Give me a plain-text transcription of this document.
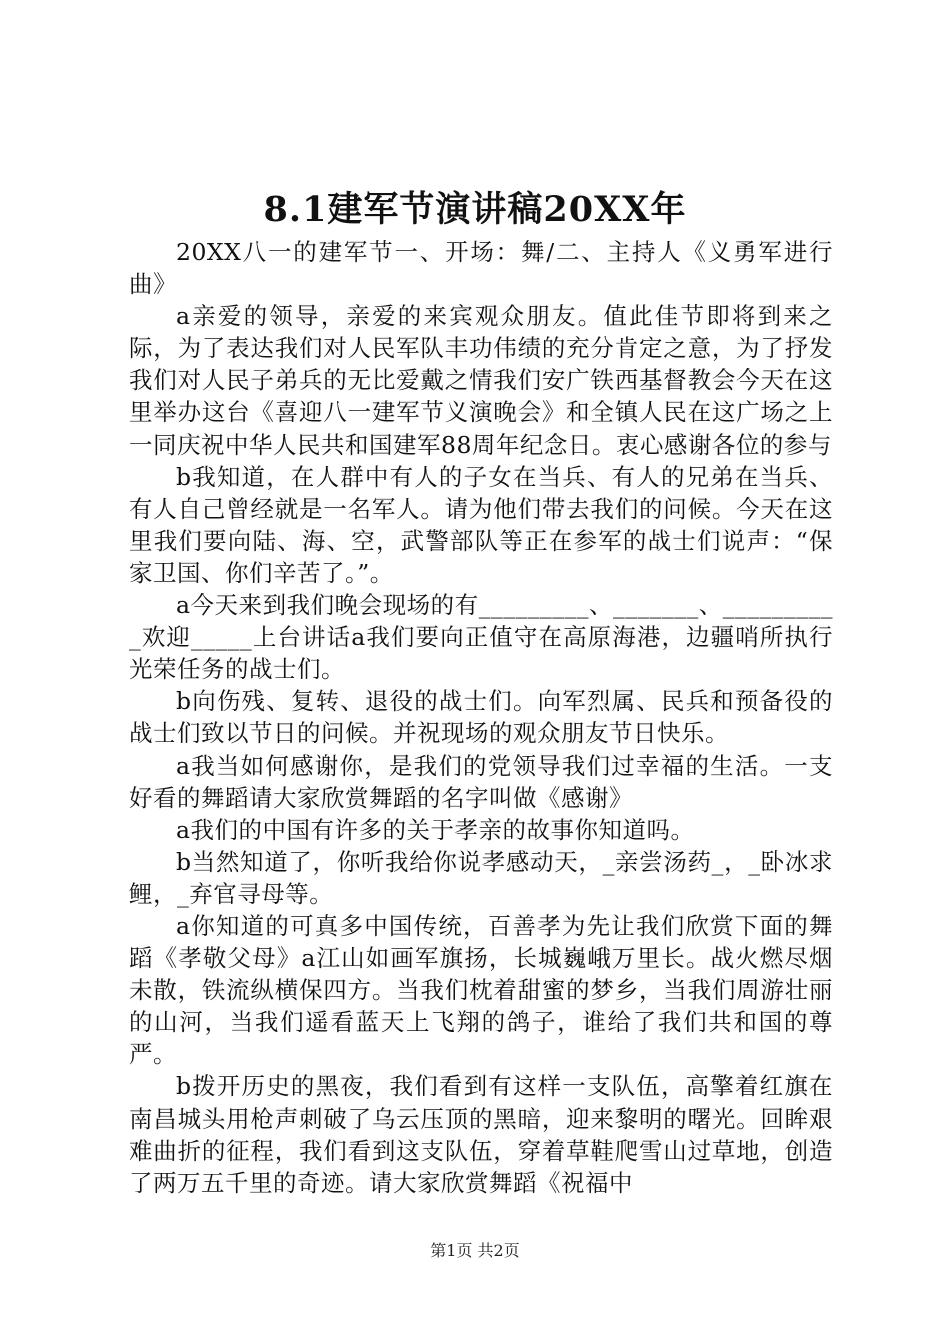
8.1建军节演讲稿20XX年

20XX八一的建军节一、开场：舞/二、主持人《义勇军进行曲》

a亲爱的领导，亲爱的来宾观众朋友。值此佳节即将到来之际，为了表达我们对人民军队丰功伟绩的充分肯定之意，为了抒发我们对人民子弟兵的无比爱戴之情我们安广铁西基督教会今天在这里举办这台《喜迎八一建军节义演晚会》和全镇人民在这广场之上一同庆祝中华人民共和国建军88周年纪念日。衷心感谢各位的参与

b我知道，在人群中有人的子女在当兵、有人的兄弟在当兵、有人自己曾经就是一名军人。请为他们带去我们的问候。今天在这里我们要向陆、海、空，武警部队等正在参军的战士们说声：“保家卫国、你们辛苦了。”。

a今天来到我们晚会现场的有_________、_______、__________欢迎_____上台讲话a我们要向正值守在高原海港，边疆哨所执行光荣任务的战士们。

b向伤残、复转、退役的战士们。向军烈属、民兵和预备役的战士们致以节日的问候。并祝现场的观众朋友节日快乐。

a我当如何感谢你，是我们的党领导我们过幸福的生活。一支好看的舞蹈请大家欣赏舞蹈的名字叫做《感谢》

a我们的中国有许多的关于孝亲的故事你知道吗。

b当然知道了，你听我给你说孝感动天，_亲尝汤药_，_卧冰求鲤，_弃官寻母等。

a你知道的可真多中国传统，百善孝为先让我们欣赏下面的舞蹈《孝敬父母》a江山如画军旗扬，长城巍峨万里长。战火燃尽烟未散，铁流纵横保四方。当我们枕着甜蜜的梦乡，当我们周游壮丽的山河，当我们遥看蓝天上飞翔的鸽子，谁给了我们共和国的尊严。

b拨开历史的黑夜，我们看到有这样一支队伍，高擎着红旗在南昌城头用枪声刺破了乌云压顶的黑暗，迎来黎明的曙光。回眸艰难曲折的征程，我们看到这支队伍，穿着草鞋爬雪山过草地，创造了两万五千里的奇迹。请大家欣赏舞蹈《祝福中

第1页 共2页
